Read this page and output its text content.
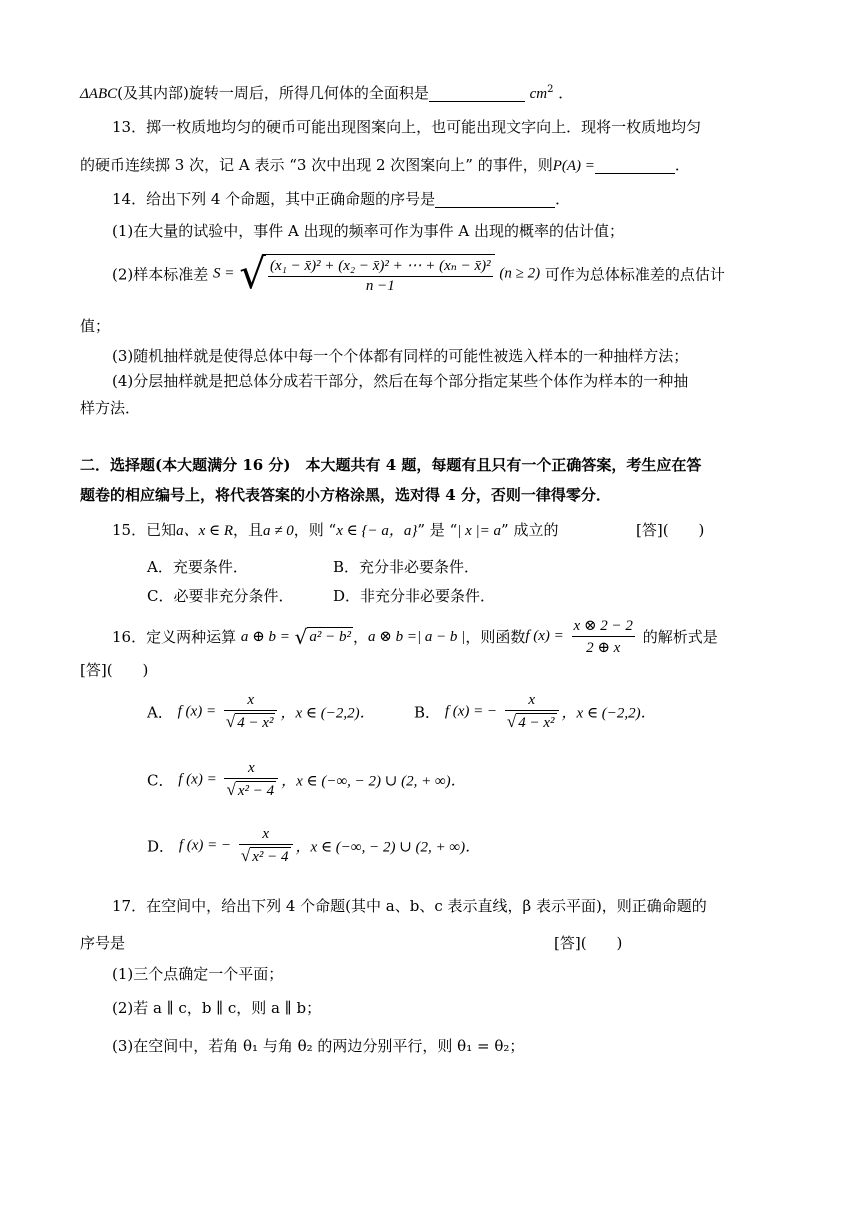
ΔABC(及其内部)旋转一周后，所得几何体的全面积是	$cm^2$ ．
13．掷一枚质地均匀的硬币可能出现图案向上，也可能出现文字向上．现将一枚质地均匀
的硬币连续掷 3 次，记 A 表示 “3 次中出现 2 次图案向上” 的事件，则P(A) =	．
14．给出下列 4 个命题，其中正确命题的序号是	．
(1)在大量的试验中，事件 A 出现的频率可作为事件 A 出现的概率的估计值；
(2)样本标准差 S = √ $\frac{\text{(x₁ − x̄)² + (x₂ − x̄)² + ⋯ + (xₙ − x̄)²}}{n -1} (n \ge 2)$ 可作为总体标准差的点估计
值；
(3)随机抽样就是使得总体中每一个个体都有同样的可能性被选入样本的一种抽样方法；
(4)分层抽样就是把总体分成若干部分，然后在每个部分指定某些个体作为样本的一种抽
样方法．
二．选择题(本大题满分 16 分)　本大题共有 4 题，每题有且只有一个正确答案，考生应在答
题卷的相应编号上，将代表答案的小方格涂黑，选对得 4 分，否则一律得零分．
15．已知a、x ∈ R，且a ≠ 0，则 “x ∈ {− a，a}” 是 “| x |= a” 成立的	[答](　　)
A．充要条件．	B．充分非必要条件．
C．必要非充分条件．	D．非充分非必要条件．
16．定义两种运算 a ⊕ b = √ a² − b² ，a ⊗ b =| a − b |，则函数f $(x) = \frac{x \otimes 2 - 2}{2 \oplus x}$ 的解析式是
[答](　　)
A． f $(x) = \frac{x}{\text{√ 4 − x²}}$ ，x ∈ (−2,2)．	B． f (x) = − $\frac{x}{\text{√ 4 − x²}}$ ，x ∈ (−2,2)．
C． f $(x) = \frac{x}{\text{√ x² − 4}}$ ，x ∈ (−∞, − 2) ∪ (2, + ∞)．
D． f (x) = − $\frac{x}{\text{√ x² − 4}}$ ，x ∈ (−∞, − 2) ∪ (2, + ∞)．
17．在空间中，给出下列 4 个命题(其中 a、b、c 表示直线，β 表示平面)，则正确命题的
序号是	[答](　　)
(1)三个点确定一个平面；
(2)若 a ∥ c，b ∥ c，则 a ∥ b；
(3)在空间中，若角 θ₁ 与角 θ₂ 的两边分别平行，则 θ₁ = θ₂；
